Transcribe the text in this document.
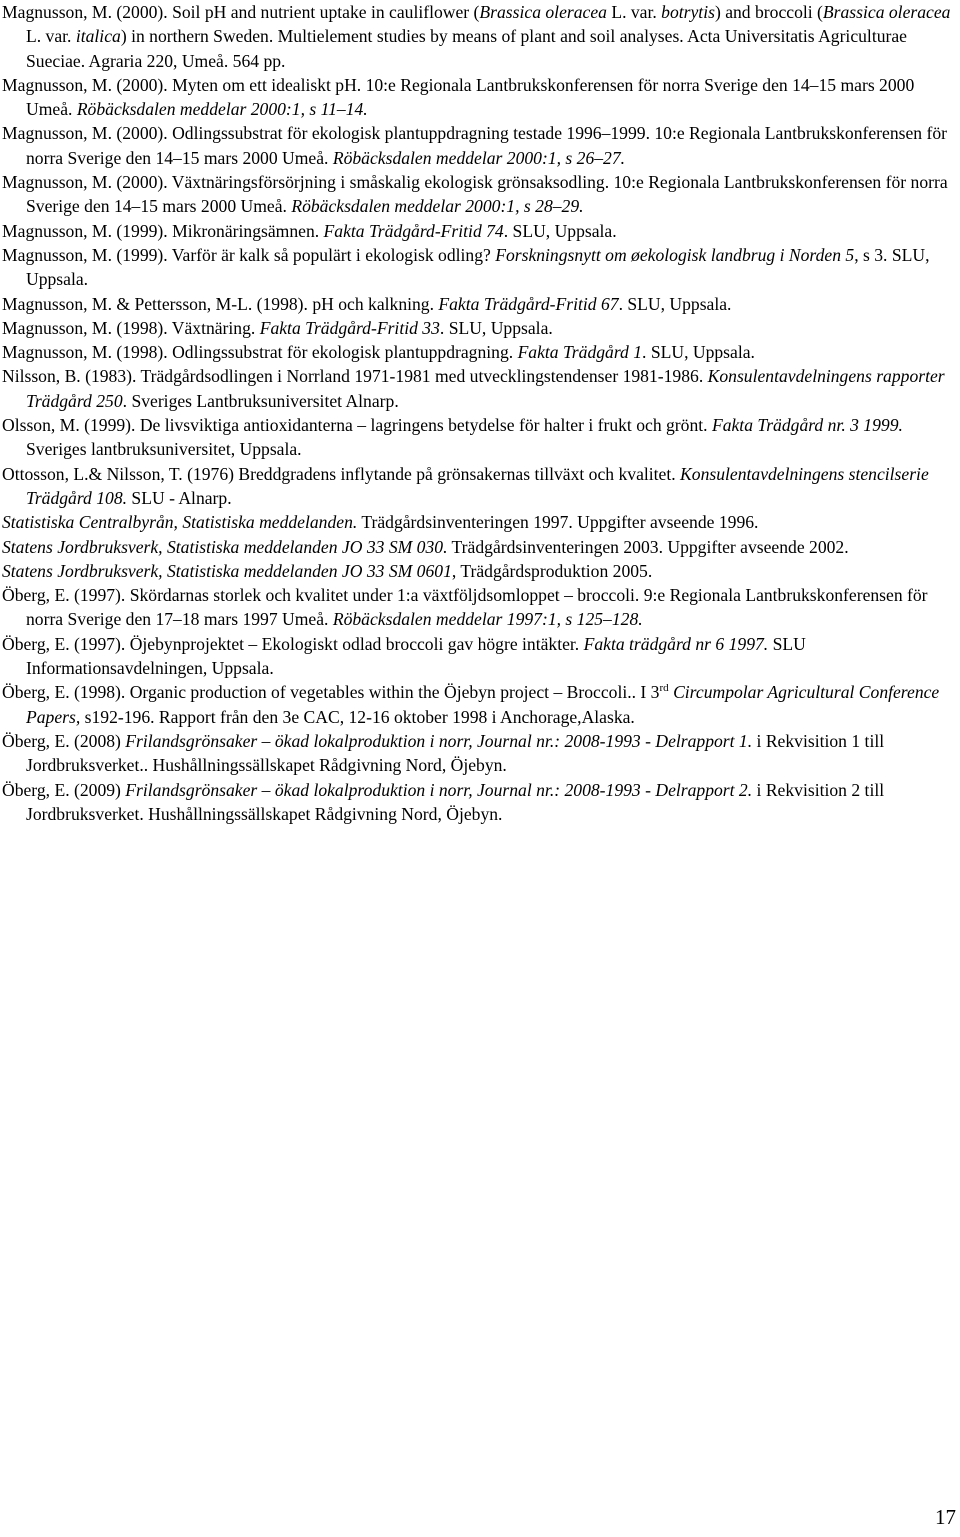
Magnusson, M. (2000). Soil pH and nutrient uptake in cauliflower (Brassica oleracea L. var. botrytis) and broccoli (Brassica oleracea L. var. italica) in northern Sweden. Multielement studies by means of plant and soil analyses. Acta Universitatis Agriculturae Sueciae. Agraria 220, Umeå. 564 pp.

Magnusson, M. (2000). Myten om ett idealiskt pH. 10:e Regionala Lantbrukskonferensen för norra Sverige den 14–15 mars 2000 Umeå. Röbäcksdalen meddelar 2000:1, s 11–14.

Magnusson, M. (2000). Odlingssubstrat för ekologisk plantuppdragning testade 1996–1999. 10:e Regionala Lantbrukskonferensen för norra Sverige den 14–15 mars 2000 Umeå. Röbäcksdalen meddelar 2000:1, s 26–27.

Magnusson, M. (2000). Växtnäringsförsörjning i småskalig ekologisk grönsaksodling. 10:e Regionala Lantbrukskonferensen för norra Sverige den 14–15 mars 2000 Umeå. Röbäcksdalen meddelar 2000:1, s 28–29.

Magnusson, M. (1999). Mikronäringsämnen. Fakta Trädgård-Fritid 74. SLU, Uppsala.

Magnusson, M. (1999). Varför är kalk så populärt i ekologisk odling? Forskningsnytt om øekologisk landbrug i Norden 5, s 3. SLU, Uppsala.

Magnusson, M. & Pettersson, M-L. (1998). pH och kalkning. Fakta Trädgård-Fritid 67. SLU, Uppsala.

Magnusson, M. (1998). Växtnäring. Fakta Trädgård-Fritid 33. SLU, Uppsala.

Magnusson, M. (1998). Odlingssubstrat för ekologisk plantuppdragning. Fakta Trädgård 1. SLU, Uppsala.

Nilsson, B. (1983). Trädgårdsodlingen i Norrland 1971-1981 med utvecklingstendenser 1981-1986. Konsulentavdelningens rapporter Trädgård 250. Sveriges Lantbruksuniversitet Alnarp.

Olsson, M. (1999). De livsviktiga antioxidanterna – lagringens betydelse för halter i frukt och grönt. Fakta Trädgård nr. 3 1999. Sveriges lantbruksuniversitet, Uppsala.

Ottosson, L.& Nilsson, T. (1976) Breddgradens inflytande på grönsakernas tillväxt och kvalitet. Konsulentavdelningens stencilserie Trädgård 108. SLU - Alnarp.

Statistiska Centralbyrån, Statistiska meddelanden. Trädgårdsinventeringen 1997. Uppgifter avseende 1996.

Statens Jordbruksverk, Statistiska meddelanden JO 33 SM 030. Trädgårdsinventeringen 2003. Uppgifter avseende 2002.

Statens Jordbruksverk, Statistiska meddelanden JO 33 SM 0601, Trädgårdsproduktion 2005.

Öberg, E. (1997). Skördarnas storlek och kvalitet under 1:a växtföljdsomloppet – broccoli. 9:e Regionala Lantbrukskonferensen för norra Sverige den 17–18 mars 1997 Umeå. Röbäcksdalen meddelar 1997:1, s 125–128.

Öberg, E. (1997). Öjebynprojektet – Ekologiskt odlad broccoli gav högre intäkter. Fakta trädgård nr 6 1997. SLU Informationsavdelningen, Uppsala.

Öberg, E. (1998). Organic production of vegetables within the Öjebyn project – Broccoli.. I 3rd Circumpolar Agricultural Conference Papers, s192-196. Rapport från den 3e CAC, 12-16 oktober 1998 i Anchorage,Alaska.

Öberg, E. (2008) Frilandsgrönsaker – ökad lokalproduktion i norr, Journal nr.: 2008-1993 - Delrapport 1. i Rekvisition 1 till Jordbruksverket.. Hushållningssällskapet Rådgivning Nord, Öjebyn.

Öberg, E. (2009) Frilandsgrönsaker – ökad lokalproduktion i norr, Journal nr.: 2008-1993 - Delrapport 2. i Rekvisition 2 till Jordbruksverket. Hushållningssällskapet Rådgivning Nord, Öjebyn.

17
